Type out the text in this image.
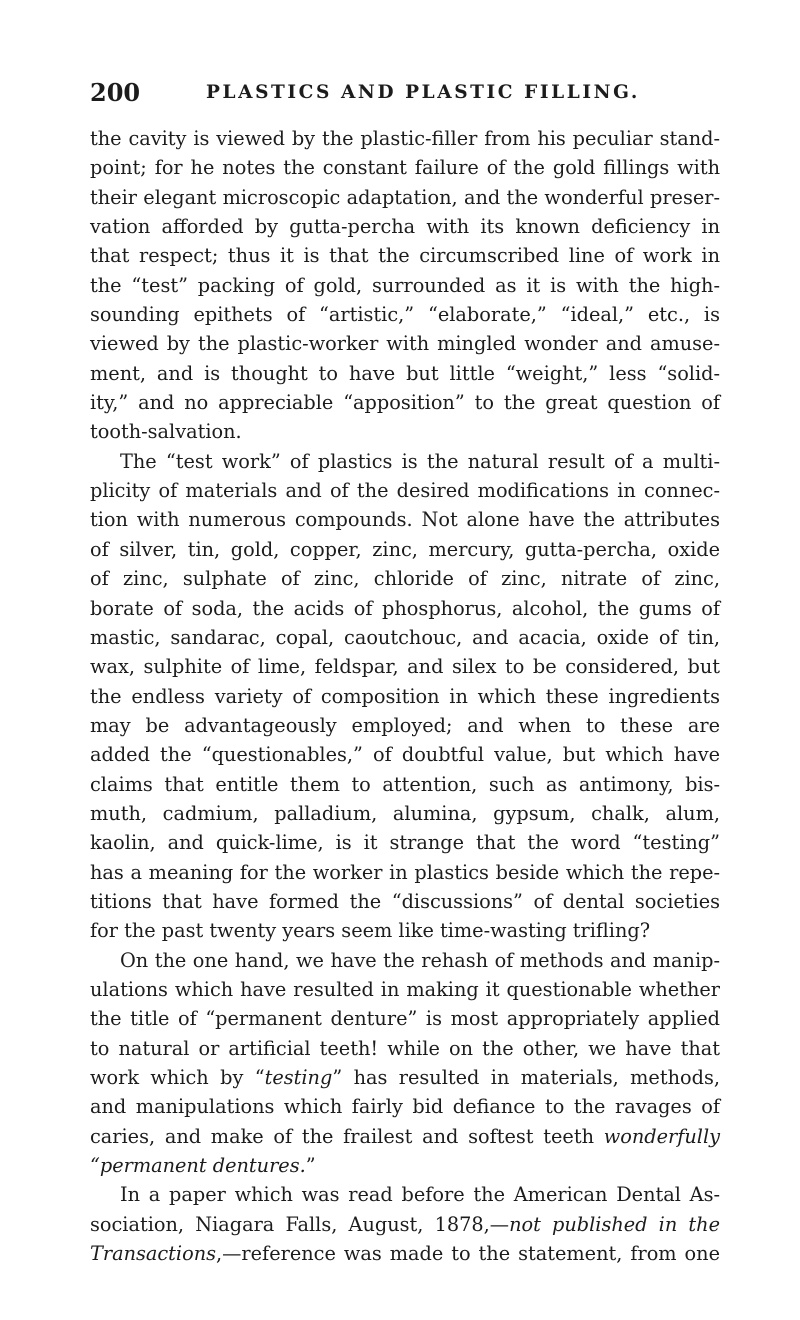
200	PLASTICS AND PLASTIC FILLING.
the cavity is viewed by the plastic-filler from his peculiar stand-
point; for he notes the constant failure of the gold fillings with
their elegant microscopic adaptation, and the wonderful preser-
vation afforded by gutta-percha with its known deficiency in
that respect; thus it is that the circumscribed line of work in
the “test” packing of gold, surrounded as it is with the high-
sounding epithets of “artistic,” “elaborate,” “ideal,” etc., is
viewed by the plastic-worker with mingled wonder and amuse-
ment, and is thought to have but little “weight,” less “solid-
ity,” and no appreciable “apposition” to the great question of
tooth-salvation.
The “test work” of plastics is the natural result of a multi-
plicity of materials and of the desired modifications in connec-
tion with numerous compounds. Not alone have the attributes
of silver, tin, gold, copper, zinc, mercury, gutta-percha, oxide
of zinc, sulphate of zinc, chloride of zinc, nitrate of zinc,
borate of soda, the acids of phosphorus, alcohol, the gums of
mastic, sandarac, copal, caoutchouc, and acacia, oxide of tin,
wax, sulphite of lime, feldspar, and silex to be considered, but
the endless variety of composition in which these ingredients
may be advantageously employed; and when to these are
added the “questionables,” of doubtful value, but which have
claims that entitle them to attention, such as antimony, bis-
muth, cadmium, palladium, alumina, gypsum, chalk, alum,
kaolin, and quick-lime, is it strange that the word “testing”
has a meaning for the worker in plastics beside which the repe-
titions that have formed the “discussions” of dental societies
for the past twenty years seem like time-wasting trifling?
On the one hand, we have the rehash of methods and manip-
ulations which have resulted in making it questionable whether
the title of “permanent denture” is most appropriately applied
to natural or artificial teeth! while on the other, we have that
work which by “testing” has resulted in materials, methods,
and manipulations which fairly bid defiance to the ravages of
caries, and make of the frailest and softest teeth wonderfully
“permanent dentures.”
In a paper which was read before the American Dental As-
sociation, Niagara Falls, August, 1878,—not published in the
Transactions,—reference was made to the statement, from one
